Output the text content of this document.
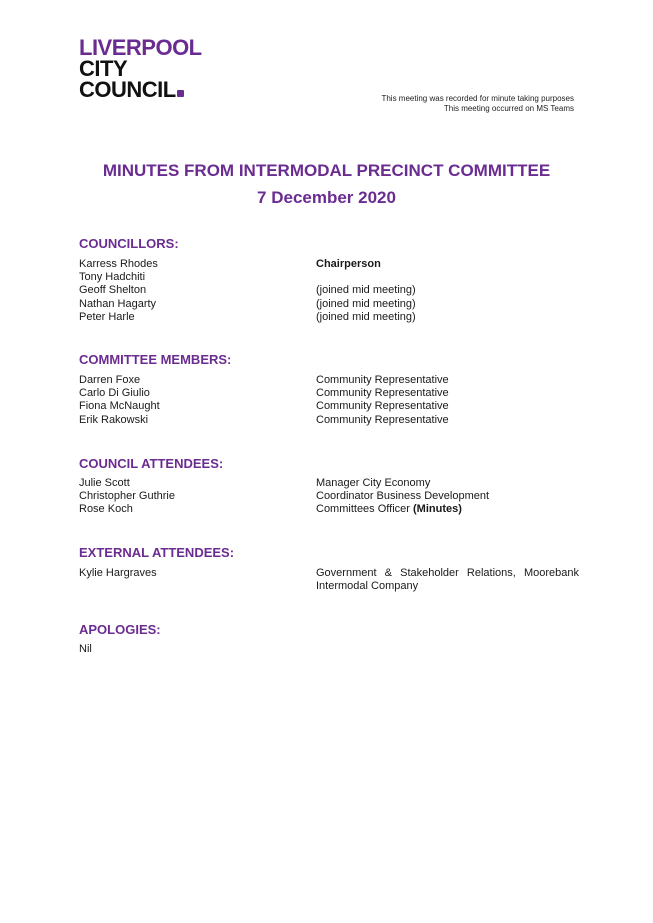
LIVERPOOL
CITY
COUNCIL	This meeting was recorded for minute taking purposes
This meeting occurred on MS Teams
MINUTES FROM INTERMODAL PRECINCT COMMITTEE
7 December 2020
COUNCILLORS:
Karress Rhodes	Chairperson
Tony Hadchiti
Geoff Shelton	(joined mid meeting)
Nathan Hagarty	(joined mid meeting)
Peter Harle	(joined mid meeting)
COMMITTEE MEMBERS:
Darren Foxe	Community Representative
Carlo Di Giulio	Community Representative
Fiona McNaught	Community Representative
Erik Rakowski	Community Representative
COUNCIL ATTENDEES:
Julie Scott	Manager City Economy
Christopher Guthrie	Coordinator Business Development
Rose Koch	Committees Officer (Minutes)
EXTERNAL ATTENDEES:
Kylie Hargraves	Government & Stakeholder Relations, Moorebank Intermodal Company
APOLOGIES:
Nil
